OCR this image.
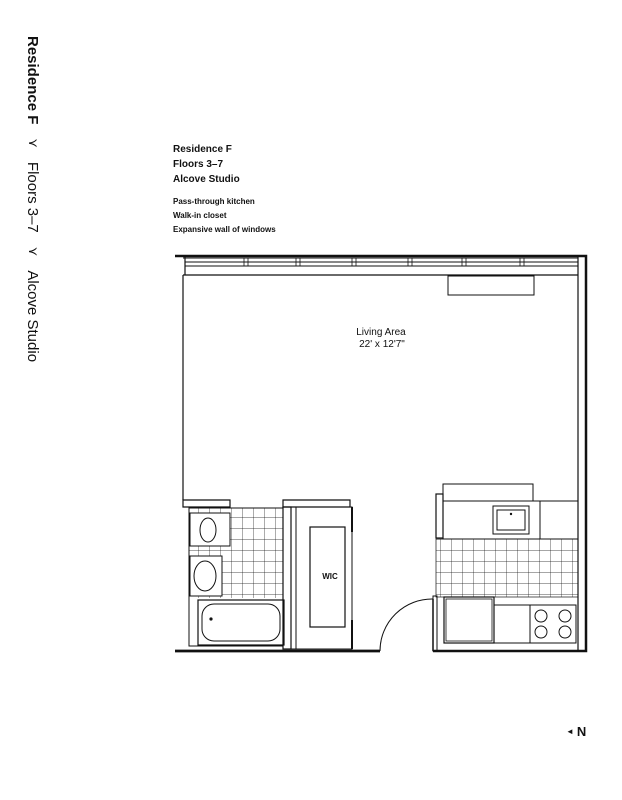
Residence F
⋎
Floors 3–7
⋎
Alcove Studio
Residence F
Floors 3–7
Alcove Studio
Pass-through kitchen
Walk-in closet
Expansive wall of windows
Living Area
22' x 12'7"
WIC
◄ N
